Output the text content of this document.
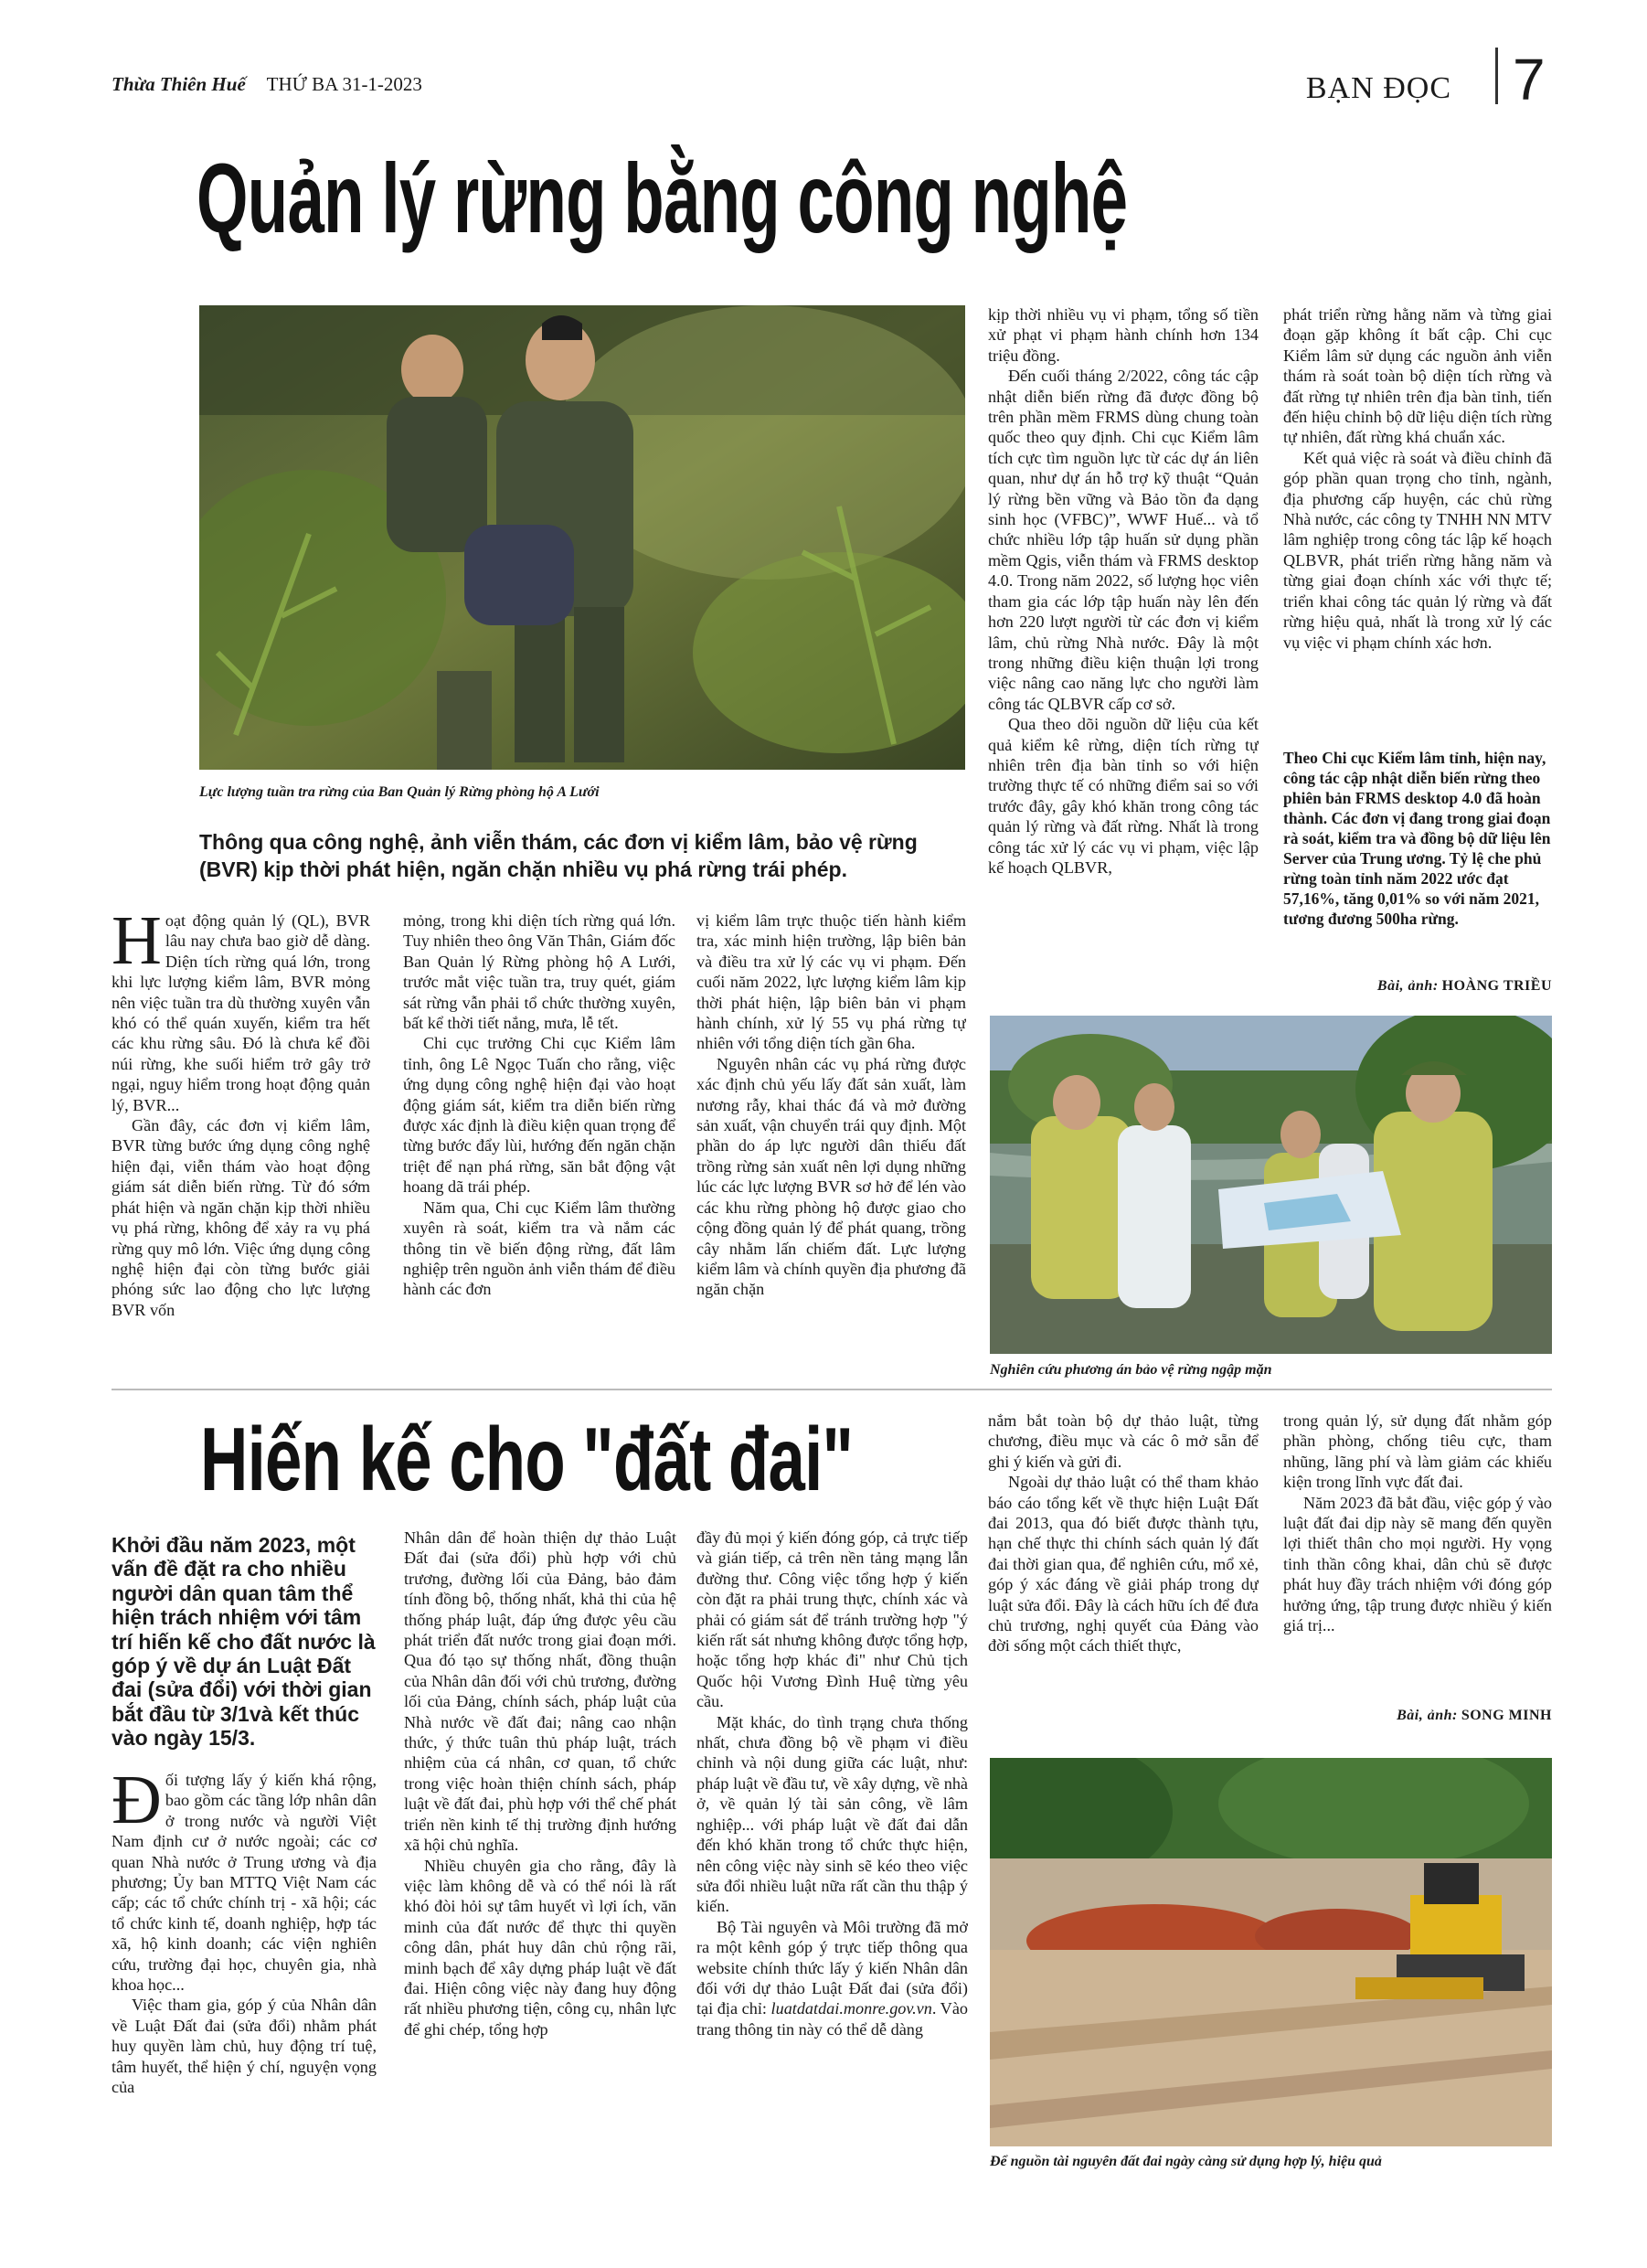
Thừa Thiên Huế THỨ BA 31-1-2023	BẠN ĐỌC 7
Quản lý rừng bằng công nghệ
Lực lượng tuần tra rừng của Ban Quản lý Rừng phòng hộ A Lưới
Thông qua công nghệ, ảnh viễn thám, các đơn vị kiểm lâm, bảo vệ rừng (BVR) kịp thời phát hiện, ngăn chặn nhiều vụ phá rừng trái phép.

Hoạt động quản lý (QL), BVR lâu nay chưa bao giờ dễ dàng. Diện tích rừng quá lớn, trong khi lực lượng kiểm lâm, BVR mỏng nên việc tuần tra dù thường xuyên vẫn khó có thể quán xuyến, kiểm tra hết các khu rừng sâu. Đó là chưa kể đồi núi rừng, khe suối hiểm trở gây trở ngại, nguy hiểm trong hoạt động quản lý, BVR...

Gần đây, các đơn vị kiểm lâm, BVR từng bước ứng dụng công nghệ hiện đại, viễn thám vào hoạt động giám sát diễn biến rừng. Từ đó sớm phát hiện và ngăn chặn kịp thời nhiều vụ phá rừng, không để xảy ra vụ phá rừng quy mô lớn. Việc ứng dụng công nghệ hiện đại còn từng bước giải phóng sức lao động cho lực lượng BVR vốn

mỏng, trong khi diện tích rừng quá lớn. Tuy nhiên theo ông Văn Thân, Giám đốc Ban Quản lý Rừng phòng hộ A Lưới, trước mắt việc tuần tra, truy quét, giám sát rừng vẫn phải tổ chức thường xuyên, bất kể thời tiết nắng, mưa, lễ tết.

Chi cục trưởng Chi cục Kiểm lâm tỉnh, ông Lê Ngọc Tuấn cho rằng, việc ứng dụng công nghệ hiện đại vào hoạt động giám sát, kiểm tra diễn biến rừng được xác định là điều kiện quan trọng để từng bước đẩy lùi, hướng đến ngăn chặn triệt để nạn phá rừng, săn bắt động vật hoang dã trái phép.

Năm qua, Chi cục Kiểm lâm thường xuyên rà soát, kiểm tra và nắm các thông tin về biến động rừng, đất lâm nghiệp trên nguồn ảnh viễn thám để điều hành các đơn

vị kiểm lâm trực thuộc tiến hành kiểm tra, xác minh hiện trường, lập biên bản và điều tra xử lý các vụ vi phạm. Đến cuối năm 2022, lực lượng kiểm lâm kịp thời phát hiện, lập biên bản vi phạm hành chính, xử lý 55 vụ phá rừng tự nhiên với tổng diện tích gần 6ha.

Nguyên nhân các vụ phá rừng được xác định chủ yếu lấy đất sản xuất, làm nương rẫy, khai thác đá và mở đường sản xuất, vận chuyển trái quy định. Một phần do áp lực người dân thiếu đất trồng rừng sản xuất nên lợi dụng những lúc các lực lượng BVR sơ hở để lén vào các khu rừng phòng hộ được giao cho cộng đồng quản lý để phát quang, trồng cây nhằm lấn chiếm đất. Lực lượng kiểm lâm và chính quyền địa phương đã ngăn chặn

kịp thời nhiều vụ vi phạm, tổng số tiền xử phạt vi phạm hành chính hơn 134 triệu đồng.

Đến cuối tháng 2/2022, công tác cập nhật diễn biến rừng đã được đồng bộ trên phần mềm FRMS dùng chung toàn quốc theo quy định. Chi cục Kiểm lâm tích cực tìm nguồn lực từ các dự án liên quan, như dự án hỗ trợ kỹ thuật “Quản lý rừng bền vững và Bảo tồn đa dạng sinh học (VFBC)”, WWF Huế... và tổ chức nhiều lớp tập huấn sử dụng phần mềm Qgis, viễn thám và FRMS desktop 4.0. Trong năm 2022, số lượng học viên tham gia các lớp tập huấn này lên đến hơn 220 lượt người từ các đơn vị kiểm lâm, chủ rừng Nhà nước. Đây là một trong những điều kiện thuận lợi trong việc nâng cao năng lực cho người làm công tác QLBVR cấp cơ sở.

Qua theo dõi nguồn dữ liệu của kết quả kiểm kê rừng, diện tích rừng tự nhiên trên địa bàn tỉnh so với hiện trường thực tế có những điểm sai so với trước đây, gây khó khăn trong công tác quản lý rừng và đất rừng. Nhất là trong công tác xử lý các vụ vi phạm, việc lập kế hoạch QLBVR,

phát triển rừng hằng năm và từng giai đoạn gặp không ít bất cập. Chi cục Kiểm lâm sử dụng các nguồn ảnh viễn thám rà soát toàn bộ diện tích rừng và đất rừng tự nhiên trên địa bàn tỉnh, tiến đến hiệu chỉnh bộ dữ liệu diện tích rừng tự nhiên, đất rừng khá chuẩn xác.

Kết quả việc rà soát và điều chỉnh đã góp phần quan trọng cho tỉnh, ngành, địa phương cấp huyện, các chủ rừng Nhà nước, các công ty TNHH NN MTV lâm nghiệp trong công tác lập kế hoạch QLBVR, phát triển rừng hằng năm và từng giai đoạn chính xác với thực tế; triển khai công tác quản lý rừng và đất rừng hiệu quả, nhất là trong xử lý các vụ việc vi phạm chính xác hơn.

Theo Chi cục Kiểm lâm tỉnh, hiện nay, công tác cập nhật diễn biến rừng theo phiên bản FRMS desktop 4.0 đã hoàn thành. Các đơn vị đang trong giai đoạn rà soát, kiểm tra và đồng bộ dữ liệu lên Server của Trung ương. Tỷ lệ che phủ rừng toàn tỉnh năm 2022 ước đạt 57,16%, tăng 0,01% so với năm 2021, tương đương 500ha rừng.
Bài, ảnh: HOÀNG TRIỀU
Nghiên cứu phương án bảo vệ rừng ngập mặn
Hiến kế cho "đất đai"
Khởi đầu năm 2023, một vấn đề đặt ra cho nhiều người dân quan tâm thể hiện trách nhiệm với tâm trí hiến kế cho đất nước là góp ý về dự án Luật Đất đai (sửa đổi) với thời gian bắt đầu từ 3/1và kết thúc vào ngày 15/3.

Đối tượng lấy ý kiến khá rộng, bao gồm các tầng lớp nhân dân ở trong nước và người Việt Nam định cư ở nước ngoài; các cơ quan Nhà nước ở Trung ương và địa phương; Ủy ban MTTQ Việt Nam các cấp; các tổ chức chính trị - xã hội; các tổ chức kinh tế, doanh nghiệp, hợp tác xã, hộ kinh doanh; các viện nghiên cứu, trường đại học, chuyên gia, nhà khoa học...

Việc tham gia, góp ý của Nhân dân về Luật Đất đai (sửa đổi) nhằm phát huy quyền làm chủ, huy động trí tuệ, tâm huyết, thể hiện ý chí, nguyện vọng của

Nhân dân để hoàn thiện dự thảo Luật Đất đai (sửa đổi) phù hợp với chủ trương, đường lối của Đảng, bảo đảm tính đồng bộ, thống nhất, khả thi của hệ thống pháp luật, đáp ứng được yêu cầu phát triển đất nước trong giai đoạn mới. Qua đó tạo sự thống nhất, đồng thuận của Nhân dân đối với chủ trương, đường lối của Đảng, chính sách, pháp luật của Nhà nước về đất đai; nâng cao nhận thức, ý thức tuân thủ pháp luật, trách nhiệm của cá nhân, cơ quan, tổ chức trong việc hoàn thiện chính sách, pháp luật về đất đai, phù hợp với thể chế phát triển nền kinh tế thị trường định hướng xã hội chủ nghĩa.

Nhiều chuyên gia cho rằng, đây là việc làm không dễ và có thể nói là rất khó đòi hỏi sự tâm huyết vì lợi ích, văn minh của đất nước để thực thi quyền công dân, phát huy dân chủ rộng rãi, minh bạch để xây dựng pháp luật về đất đai. Hiện công việc này đang huy động rất nhiều phương tiện, công cụ, nhân lực để ghi chép, tổng hợp

đầy đủ mọi ý kiến đóng góp, cả trực tiếp và gián tiếp, cả trên nền tảng mạng lẫn đường thư. Công việc tổng hợp ý kiến còn đặt ra phải trung thực, chính xác và phải có giám sát để tránh trường hợp "ý kiến rất sát nhưng không được tổng hợp, hoặc tổng hợp khác đi" như Chủ tịch Quốc hội Vương Đình Huệ từng yêu cầu.

Mặt khác, do tình trạng chưa thống nhất, chưa đồng bộ về phạm vi điều chỉnh và nội dung giữa các luật, như: pháp luật về đầu tư, về xây dựng, về nhà ở, về quản lý tài sản công, về lâm nghiệp... với pháp luật về đất đai dẫn đến khó khăn trong tổ chức thực hiện, nên công việc này sinh sẽ kéo theo việc sửa đổi nhiều luật nữa rất cần thu thập ý kiến.

Bộ Tài nguyên và Môi trường đã mở ra một kênh góp ý trực tiếp thông qua website chính thức lấy ý kiến Nhân dân đối với dự thảo Luật Đất đai (sửa đổi) tại địa chỉ: luatdatdai.monre.gov.vn. Vào trang thông tin này có thể dễ dàng

nắm bắt toàn bộ dự thảo luật, từng chương, điều mục và các ô mở sẵn để ghi ý kiến và gửi đi.

Ngoài dự thảo luật có thể tham khảo báo cáo tổng kết về thực hiện Luật Đất đai 2013, qua đó biết được thành tựu, hạn chế thực thi chính sách quản lý đất đai thời gian qua, để nghiên cứu, mổ xẻ, góp ý xác đáng về giải pháp trong dự luật sửa đổi. Đây là cách hữu ích để đưa chủ trương, nghị quyết của Đảng vào đời sống một cách thiết thực,

trong quản lý, sử dụng đất nhằm góp phần phòng, chống tiêu cực, tham nhũng, lãng phí và làm giảm các khiếu kiện trong lĩnh vực đất đai.

Năm 2023 đã bắt đầu, việc góp ý vào luật đất đai dịp này sẽ mang đến quyền lợi thiết thân cho mọi người. Hy vọng tinh thần công khai, dân chủ sẽ được phát huy đầy trách nhiệm với đóng góp hưởng ứng, tập trung được nhiều ý kiến giá trị...

Bài, ảnh: SONG MINH
Để nguồn tài nguyên đất đai ngày càng sử dụng hợp lý, hiệu quả
